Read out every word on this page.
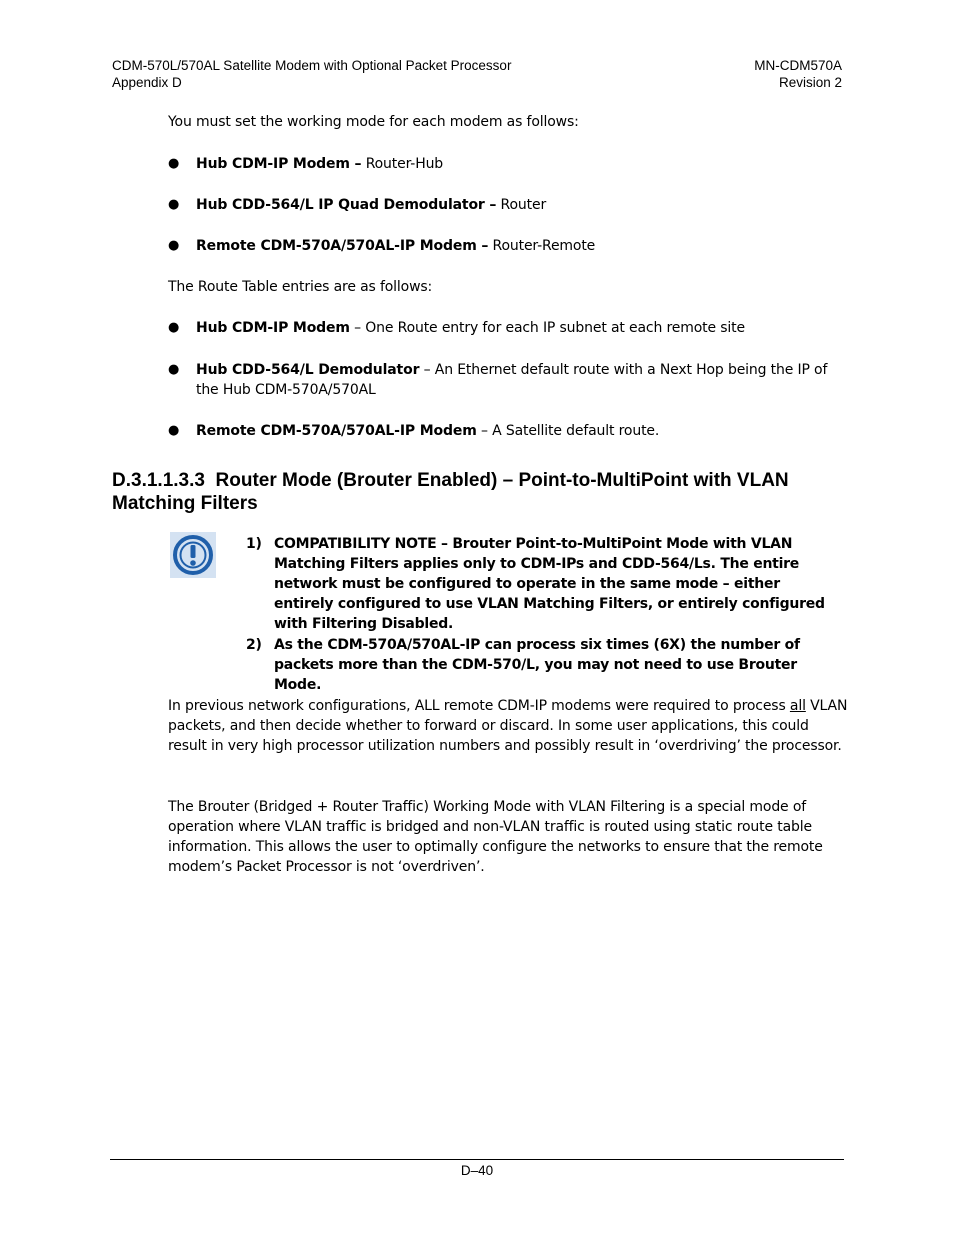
CDM-570L/570AL Satellite Modem with Optional Packet Processor
Appendix D
MN-CDM570A
Revision 2
You must set the working mode for each modem as follows:
● Hub CDM-IP Modem – Router-Hub
● Hub CDD-564/L IP Quad Demodulator – Router
● Remote CDM-570A/570AL-IP Modem – Router-Remote
The Route Table entries are as follows:
● Hub CDM-IP Modem – One Route entry for each IP subnet at each remote site
● Hub CDD-564/L Demodulator – An Ethernet default route with a Next Hop being the IP of the Hub CDM-570A/570AL
● Remote CDM-570A/570AL-IP Modem – A Satellite default route.
D.3.1.1.3.3 Router Mode (Brouter Enabled) – Point-to-MultiPoint with VLAN Matching Filters
1) COMPATIBILITY NOTE – Brouter Point-to-MultiPoint Mode with VLAN Matching Filters applies only to CDM-IPs and CDD-564/Ls. The entire network must be configured to operate in the same mode – either entirely configured to use VLAN Matching Filters, or entirely configured with Filtering Disabled.
2) As the CDM-570A/570AL-IP can process six times (6X) the number of packets more than the CDM-570/L, you may not need to use Brouter Mode.
In previous network configurations, ALL remote CDM-IP modems were required to process all VLAN packets, and then decide whether to forward or discard. In some user applications, this could result in very high processor utilization numbers and possibly result in ‘overdriving’ the processor.
The Brouter (Bridged + Router Traffic) Working Mode with VLAN Filtering is a special mode of operation where VLAN traffic is bridged and non-VLAN traffic is routed using static route table information. This allows the user to optimally configure the networks to ensure that the remote modem’s Packet Processor is not ‘overdriven’.
D–40
